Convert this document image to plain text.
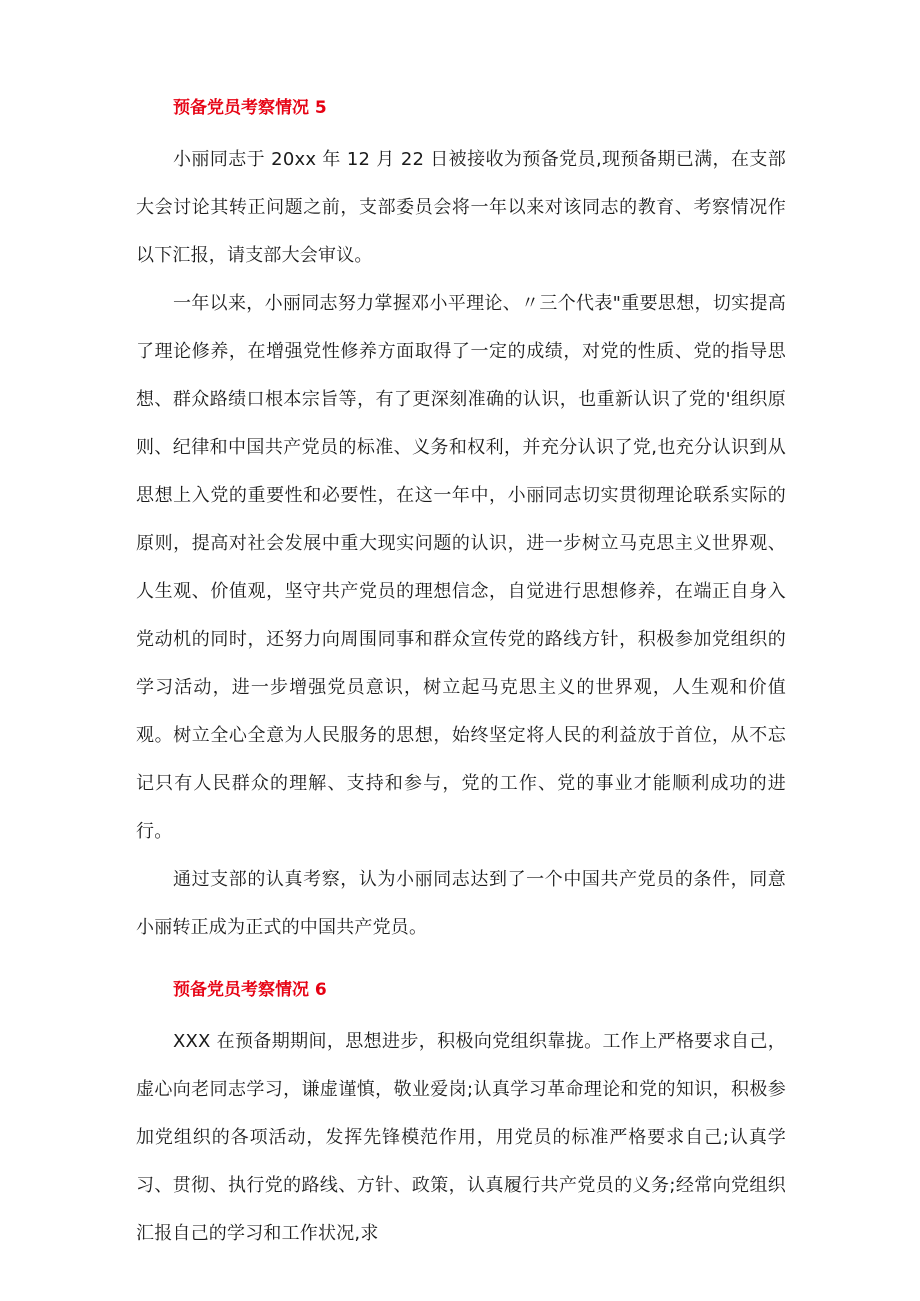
预备党员考察情况 5

小丽同志于 20xx 年 12 月 22 日被接收为预备党员,现预备期已满，在支部大会讨论其转正问题之前，支部委员会将一年以来对该同志的教育、考察情况作以下汇报，请支部大会审议。

一年以来，小丽同志努力掌握邓小平理论、〃三个代表"重要思想，切实提高了理论修养，在增强党性修养方面取得了一定的成绩，对党的性质、党的指导思想、群众路绩口根本宗旨等，有了更深刻准确的认识，也重新认识了党的'组织原则、纪律和中国共产党员的标准、义务和权利，并充分认识了党,也充分认识到从思想上入党的重要性和必要性，在这一年中，小丽同志切实贯彻理论联系实际的原则，提高对社会发展中重大现实问题的认识，进一步树立马克思主义世界观、人生观、价值观，坚守共产党员的理想信念，自觉进行思想修养，在端正自身入党动机的同时，还努力向周围同事和群众宣传党的路线方针，积极参加党组织的学习活动，进一步增强党员意识，树立起马克思主义的世界观，人生观和价值观。树立全心全意为人民服务的思想，始终坚定将人民的利益放于首位，从不忘记只有人民群众的理解、支持和参与，党的工作、党的事业才能顺利成功的进行。

通过支部的认真考察，认为小丽同志达到了一个中国共产党员的条件，同意小丽转正成为正式的中国共产党员。

预备党员考察情况 6

XXX 在预备期期间，思想进步，积极向党组织靠拢。工作上严格要求自己，虚心向老同志学习，谦虚谨慎，敬业爱岗;认真学习革命理论和党的知识，积极参加党组织的各项活动，发挥先锋模范作用，用党员的标准严格要求自己;认真学习、贯彻、执行党的路线、方针、政策，认真履行共产党员的义务;经常向党组织汇报自己的学习和工作状况,求
